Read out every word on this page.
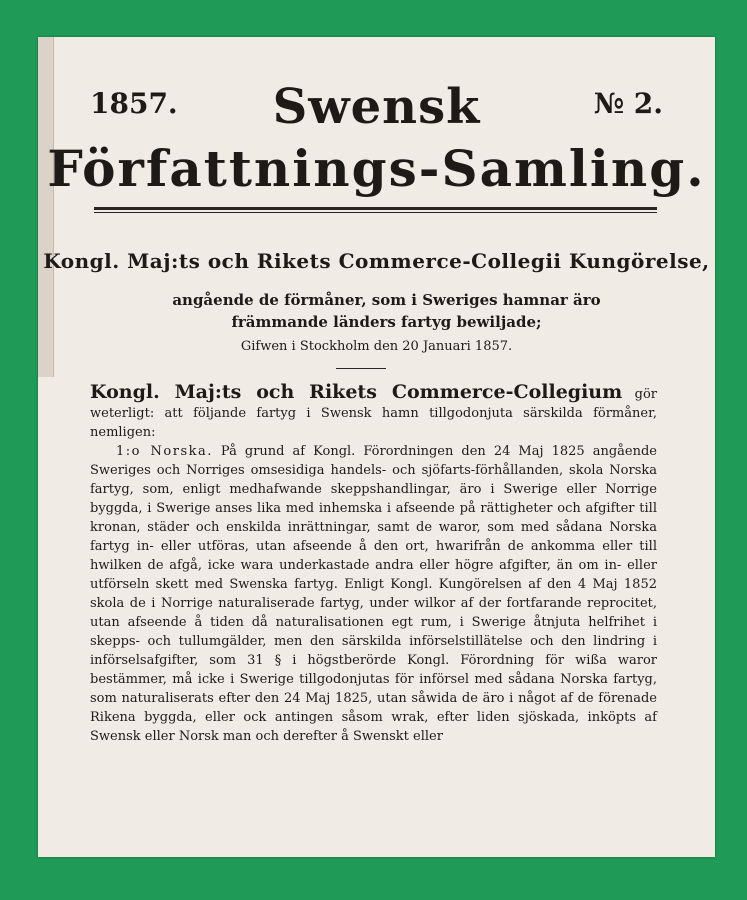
1857.	Swensk	№ 2.
Författnings-Samling.
Kongl. Maj:ts och Rikets Commerce-Collegii Kungörelse,
angående de förmåner, som i Sweriges hamnar äro främmande länders fartyg bewiljade;
Gifwen i Stockholm den 20 Januari 1857.

Kongl. Maj:ts och Rikets Commerce-Collegium gör weterligt: att följande fartyg i Swensk hamn tillgodonjuta särskilda förmåner, nemligen:

1:o Norska. På grund af Kongl. Förordningen den 24 Maj 1825 angående Sweriges och Norriges omsesidiga handels- och sjöfarts-förhållanden, skola Norska fartyg, som, enligt medhafwande skeppshandlingar, äro i Swerige eller Norrige byggda, i Swerige anses lika med inhemska i afseende på rättigheter och afgifter till kronan, städer och enskilda inrättningar, samt de waror, som med sådana Norska fartyg in- eller utföras, utan afseende å den ort, hwarifrån de ankomma eller till hwilken de afgå, icke wara underkastade andra eller högre afgifter, än om in- eller utförseln skett med Swenska fartyg. Enligt Kongl. Kungörelsen af den 4 Maj 1852 skola de i Norrige naturaliserade fartyg, under wilkor af der fortfarande reprocitet, utan afseende å tiden då naturalisationen egt rum, i Swerige åtnjuta helfrihet i skepps- och tullumgälder, men den särskilda införselstillätelse och den lindring i införselsafgifter, som 31 § i högstberörde Kongl. Förordning för wißa waror bestämmer, må icke i Swerige tillgodonjutas för införsel med sådana Norska fartyg, som naturaliserats efter den 24 Maj 1825, utan såwida de äro i något af de förenade Rikena byggda, eller ock antingen såsom wrak, efter liden sjöskada, inköpts af Swensk eller Norsk man och derefter å Swenskt eller
